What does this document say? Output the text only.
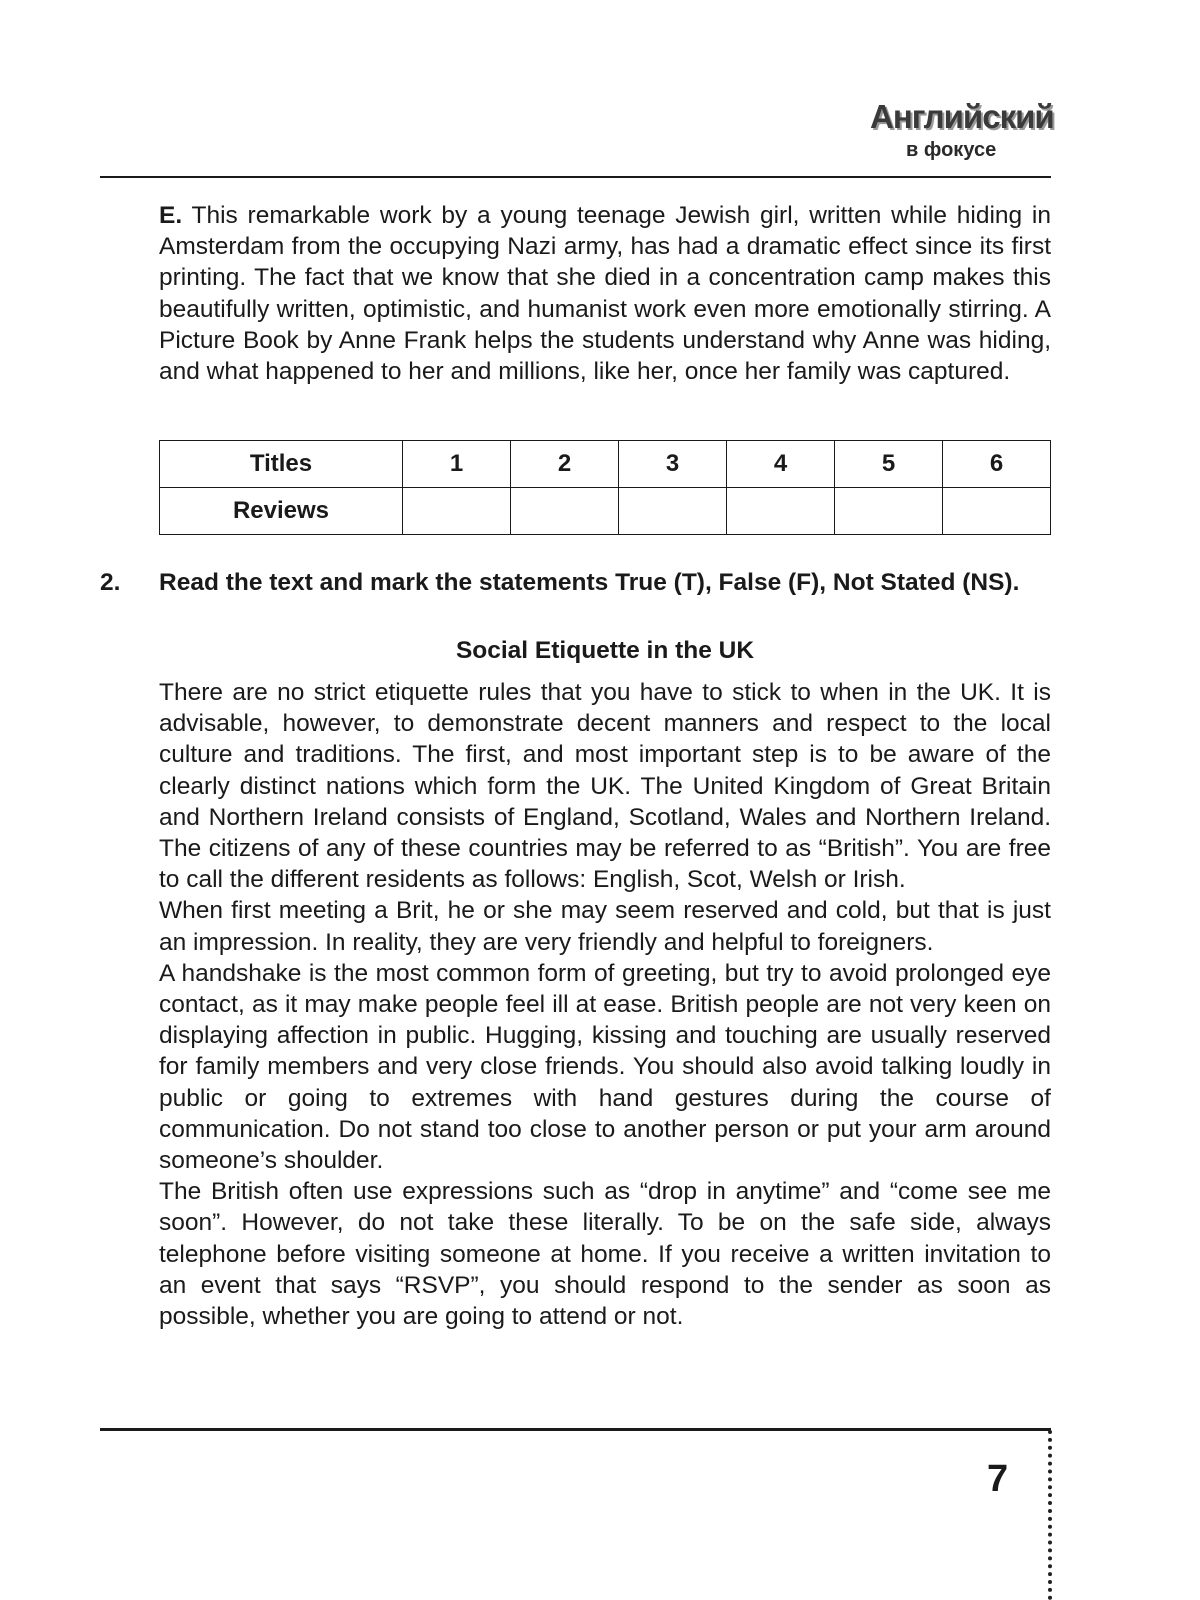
Английский
в фокусе
E. This remarkable work by a young teenage Jewish girl, written while hiding in Amsterdam from the occupying Nazi army, has had a dramatic effect since its first printing. The fact that we know that she died in a concentration camp makes this beautifully written, optimistic, and humanist work even more emotionally stirring. A Picture Book by Anne Frank helps the students understand why Anne was hiding, and what happened to her and millions, like her, once her family was captured.
Titles	1	2	3	4	5	6
Reviews						
2. Read the text and mark the statements True (T), False (F), Not Stated (NS).
Social Etiquette in the UK

There are no strict etiquette rules that you have to stick to when in the UK. It is advisable, however, to demonstrate decent manners and respect to the local culture and traditions. The first, and most important step is to be aware of the clearly distinct nations which form the UK. The United Kingdom of Great Britain and Northern Ireland consists of England, Scotland, Wales and Northern Ireland. The citizens of any of these countries may be referred to as “British”. You are free to call the different residents as follows: English, Scot, Welsh or Irish.

When first meeting a Brit, he or she may seem reserved and cold, but that is just an impression. In reality, they are very friendly and helpful to foreigners.

A handshake is the most common form of greeting, but try to avoid prolonged eye contact, as it may make people feel ill at ease. British people are not very keen on displaying affection in public. Hugging, kissing and touching are usually reserved for family members and very close friends. You should also avoid talking loudly in public or going to extremes with hand gestures during the course of communication. Do not stand too close to another person or put your arm around someone’s shoulder.

The British often use expressions such as “drop in anytime” and “come see me soon”. However, do not take these literally. To be on the safe side, always telephone before visiting someone at home. If you receive a written invitation to an event that says “RSVP”, you should respond to the sender as soon as possible, whether you are going to attend or not.

7
